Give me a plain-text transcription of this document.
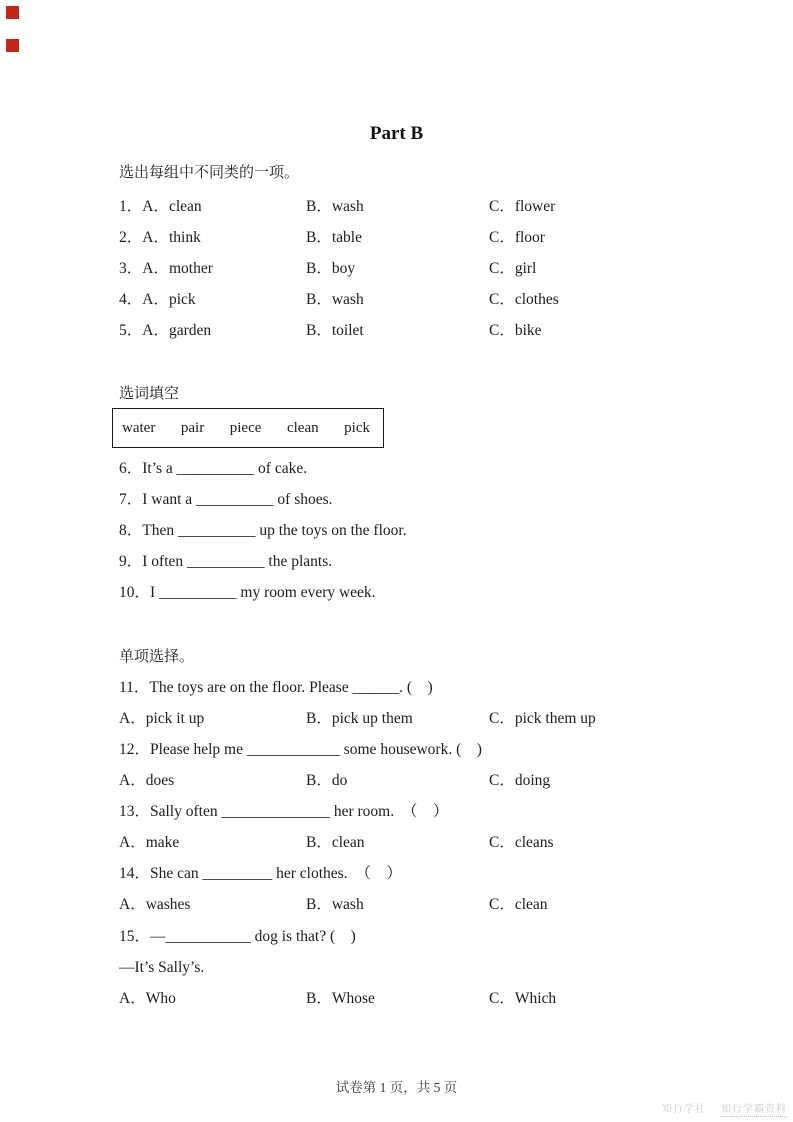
Part B
选出每组中不同类的一项。
1．A．clean	B．wash	C．flower
2．A．think	B．table	C．floor
3．A．mother	B．boy	C．girl
4．A．pick	B．wash	C．clothes
5．A．garden	B．toilet	C．bike
选词填空
water pair piece clean pick
6．It’s a __________ of cake.
7．I want a __________ of shoes.
8．Then __________ up the toys on the floor.
9．I often __________ the plants.
10．I __________ my room every week.
单项选择。
11．The toys are on the floor. Please ______. (　)
A．pick it up	B．pick up them	C．pick them up
12．Please help me ____________ some housework. (　)
A．does	B．do	C．doing
13．Sally often ______________ her room.　（　）
A．make	B．clean	C．cleans
14．She can _________ her clothes.　（　）
A．washes	B．wash	C．clean
15．—___________ dog is that? (　)
—It’s Sally’s.
A．Who	B．Whose	C．Which
试卷第 1 页，共 5 页
知行学社 知行学霸资料
